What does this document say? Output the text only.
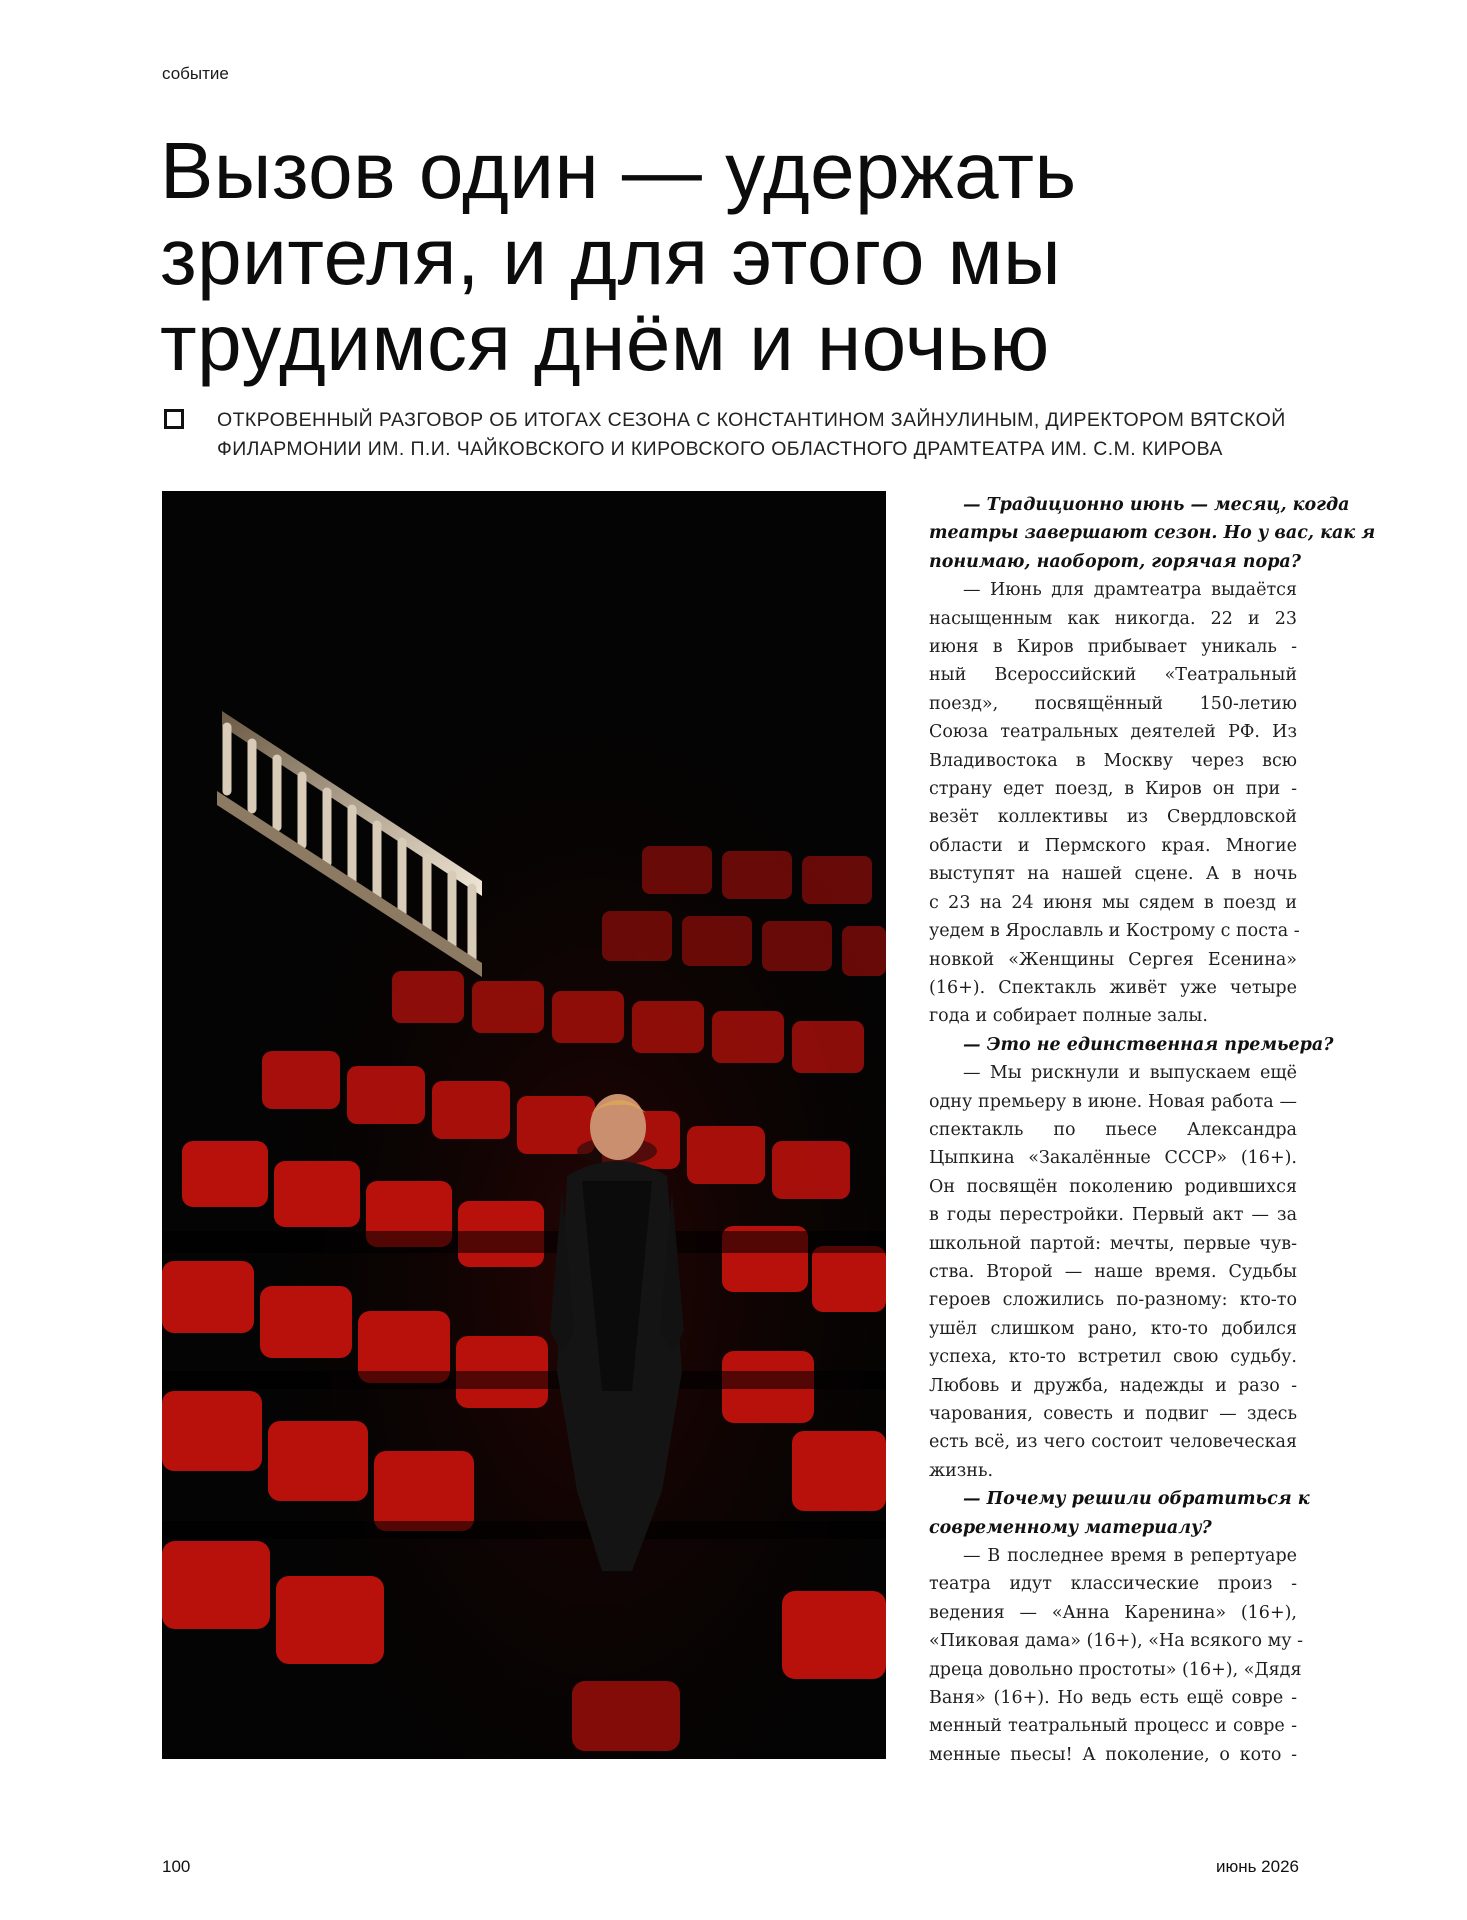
событие
Вызов один — удержать
зрителя, и для этого мы
трудимся днём и ночью
ОТКРОВЕННЫЙ РАЗГОВОР ОБ ИТОГАХ СЕЗОНА С КОНСТАНТИНОМ ЗАЙНУЛИНЫМ, ДИРЕКТОРОМ ВЯТСКОЙ
ФИЛАРМОНИИ ИМ. П.И. ЧАЙКОВСКОГО И КИРОВСКОГО ОБЛАСТНОГО ДРАМТЕАТРА ИМ. С.М. КИРОВА
— Традиционно июнь — месяц, когда
театры завершают сезон. Но у вас, как я
понимаю, наоборот, горячая пора?
— Июнь для драмтеатра выдаётся
насыщенным как никогда. 22 и 23
июня в Киров прибывает уникаль -
ный Всероссийский «Театральный
поезд», посвящённый 150-летию
Союза театральных деятелей РФ. Из
Владивостока в Москву через всю
страну едет поезд, в Киров он при -
везёт коллективы из Свердловской
области и Пермского края. Многие
выступят на нашей сцене. А в ночь
с 23 на 24 июня мы сядем в поезд и
уедем в Ярославль и Кострому с поста -
новкой «Женщины Сергея Есенина»
(16+). Спектакль живёт уже четыре
года и собирает полные залы.
— Это не единственная премьера?
— Мы рискнули и выпускаем ещё
одну премьеру в июне. Новая работа —
спектакль по пьесе Александра
Цыпкина «Закалённые СССР» (16+).
Он посвящён поколению родившихся
в годы перестройки. Первый акт — за
школьной партой: мечты, первые чув-
ства. Второй — наше время. Судьбы
героев сложились по-разному: кто-то
ушёл слишком рано, кто-то добился
успеха, кто-то встретил свою судьбу.
Любовь и дружба, надежды и разо -
чарования, совесть и подвиг — здесь
есть всё, из чего состоит человеческая
жизнь.
— Почему решили обратиться к
современному материалу?
— В последнее время в репертуаре
театра идут классические произ -
ведения — «Анна Каренина» (16+),
«Пиковая дама» (16+), «На всякого му -
дреца довольно простоты» (16+), «Дядя
Ваня» (16+). Но ведь есть ещё совре -
менный театральный процесс и совре -
менные пьесы! А поколение, о кото -
100	июнь 2026
